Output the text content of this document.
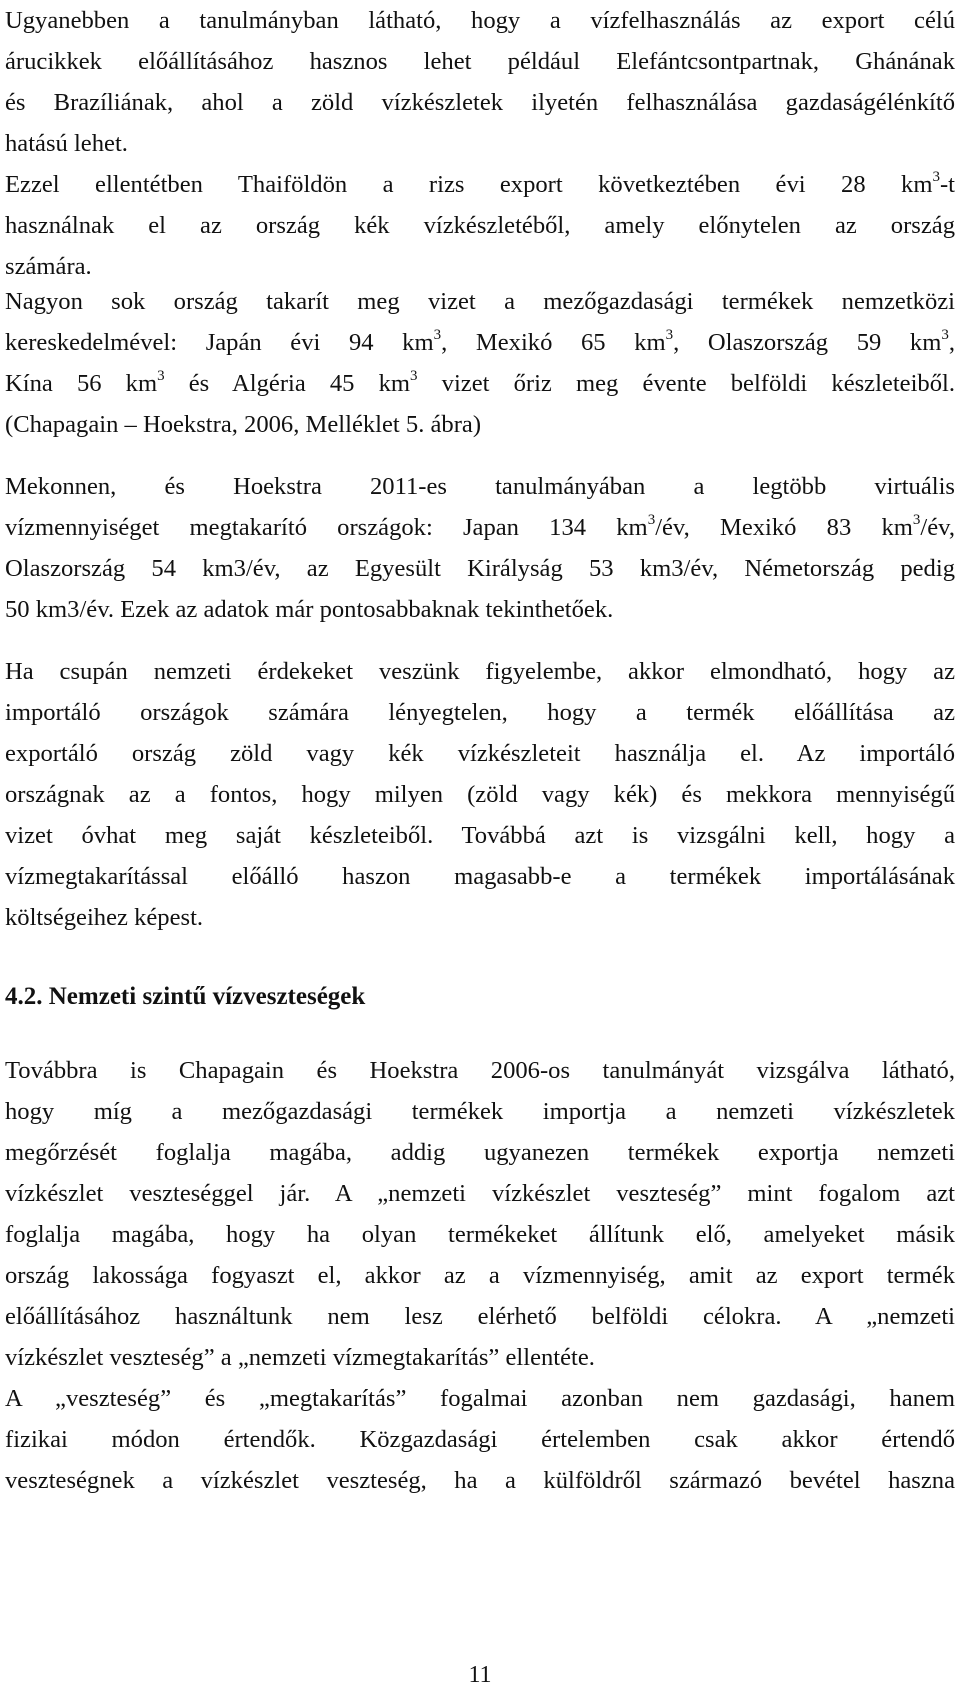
Ugyanebben a tanulmányban látható, hogy a vízfelhasználás az export célú
árucikkek előállításához hasznos lehet például Elefántcsontpartnak, Ghánának
és Brazíliának, ahol a zöld vízkészletek ilyetén felhasználása gazdaságélénkítő
hatású lehet.
Ezzel ellentétben Thaiföldön a rizs export következtében évi 28 $km^3-t$
használnak el az ország kék vízkészletéből, amely előnytelen az ország
számára.
Nagyon sok ország takarít meg vizet a mezőgazdasági termékek nemzetközi
kereskedelmével: Japán évi 94 $km^3$, Mexikó 65 $km^3$, Olaszország 59 $km^3$,
Kína 56 $km^3$ és Algéria 45 $km^3$ vizet őriz meg évente belföldi készleteiből.
(Chapagain – Hoekstra, 2006, Melléklet 5. ábra)
Mekonnen, és Hoekstra 2011-es tanulmányában a legtöbb virtuális
vízmennyiséget megtakarító országok: Japan 134 $km^3/év$, Mexikó 83 $km^3/év$,
Olaszország 54 km3/év, az Egyesült Királyság 53 km3/év, Németország pedig
50 km3/év. Ezek az adatok már pontosabbaknak tekinthetőek.
Ha csupán nemzeti érdekeket veszünk figyelembe, akkor elmondható, hogy az
importáló országok számára lényegtelen, hogy a termék előállítása az
exportáló ország zöld vagy kék vízkészleteit használja el. Az importáló
országnak az a fontos, hogy milyen (zöld vagy kék) és mekkora mennyiségű
vizet óvhat meg saját készleteiből. Továbbá azt is vizsgálni kell, hogy a
vízmegtakarítással előálló haszon magasabb-e a termékek importálásának
költségeihez képest.
4.2. Nemzeti szintű vízveszteségek
Továbbra is Chapagain és Hoekstra 2006-os tanulmányát vizsgálva látható,
hogy míg a mezőgazdasági termékek importja a nemzeti vízkészletek
megőrzését foglalja magába, addig ugyanezen termékek exportja nemzeti
vízkészlet veszteséggel jár. A „nemzeti vízkészlet veszteség” mint fogalom azt
foglalja magába, hogy ha olyan termékeket állítunk elő, amelyeket másik
ország lakossága fogyaszt el, akkor az a vízmennyiség, amit az export termék
előállításához használtunk nem lesz elérhető belföldi célokra. A „nemzeti
vízkészlet veszteség” a „nemzeti vízmegtakarítás” ellentéte.
A „veszteség” és „megtakarítás” fogalmai azonban nem gazdasági, hanem
fizikai módon értendők. Közgazdasági értelemben csak akkor értendő
veszteségnek a vízkészlet veszteség, ha a külföldről származó bevétel haszna
11
